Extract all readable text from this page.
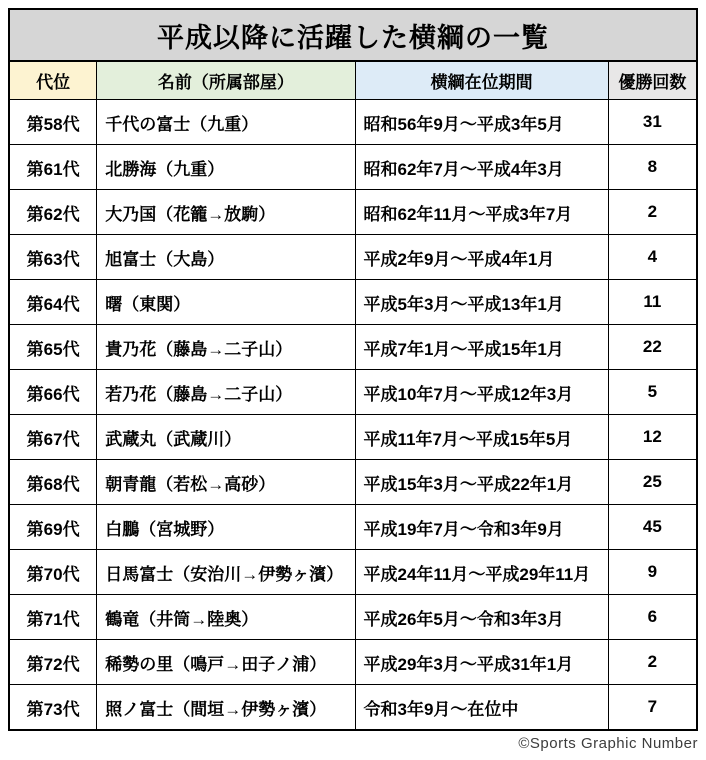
平成以降に活躍した横綱の一覧
代位	名前（所属部屋）	横綱在位期間	優勝回数
第58代	千代の富士（九重）	昭和56年9月～平成3年5月	31
第61代	北勝海（九重）	昭和62年7月～平成4年3月	8
第62代	大乃国（花籠→放駒）	昭和62年11月～平成3年7月	2
第63代	旭富士（大島）	平成2年9月～平成4年1月	4
第64代	曙（東関）	平成5年3月～平成13年1月	11
第65代	貴乃花（藤島→二子山）	平成7年1月～平成15年1月	22
第66代	若乃花（藤島→二子山）	平成10年7月～平成12年3月	5
第67代	武蔵丸（武蔵川）	平成11年7月～平成15年5月	12
第68代	朝青龍（若松→高砂）	平成15年3月～平成22年1月	25
第69代	白鵬（宮城野）	平成19年7月～令和3年9月	45
第70代	日馬富士（安治川→伊勢ヶ濱）	平成24年11月～平成29年11月	9
第71代	鶴竜（井筒→陸奥）	平成26年5月～令和3年3月	6
第72代	稀勢の里（鳴戸→田子ノ浦）	平成29年3月～平成31年1月	2
第73代	照ノ富士（間垣→伊勢ヶ濱）	令和3年9月～在位中	7
©Sports Graphic Number
